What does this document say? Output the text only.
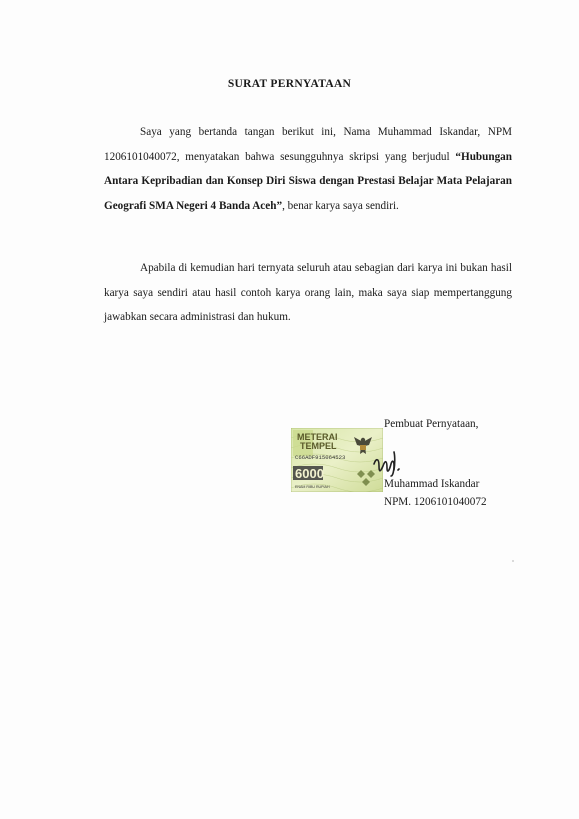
SURAT PERNYATAAN
Saya yang bertanda tangan berikut ini, Nama Muhammad Iskandar, NPM 1206101040072, menyatakan bahwa sesungguhnya skripsi yang berjudul “Hubungan Antara Kepribadian dan Konsep Diri Siswa dengan Prestasi Belajar Mata Pelajaran Geografi SMA Negeri 4 Banda Aceh”, benar karya saya sendiri.
Apabila di kemudian hari ternyata seluruh atau sebagian dari karya ini bukan hasil karya saya sendiri atau hasil contoh karya orang lain, maka saya siap mempertanggung jawabkan secara administrasi dan hukum.
Pembuat Pernyataan,
METERAI
TEMPEL
C66ADF915064523
6000
ENAM RIBU RUPIAH	Muhammad Iskandar
NPM. 1206101040072
